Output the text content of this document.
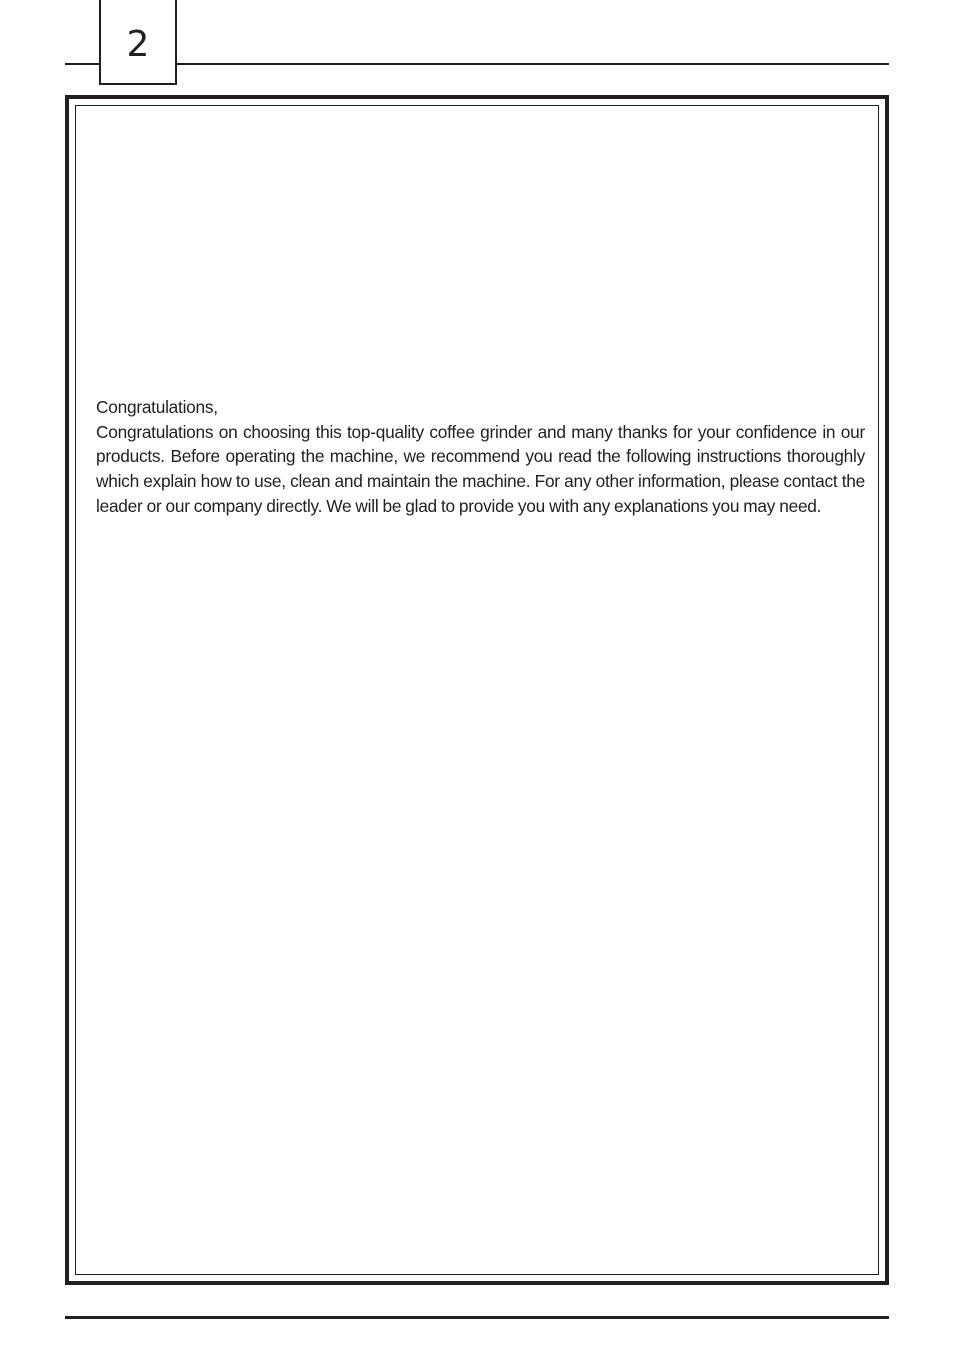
2

Congratulations,

Congratulations on choosing this top-quality coffee grinder and many thanks for your confidence in our products. Before operating the machine, we recommend you read the following instructions thoroughly which explain how to use, clean and maintain the machine. For any other information, please contact the leader or our company directly. We will be glad to provide you with any explanations you may need.
